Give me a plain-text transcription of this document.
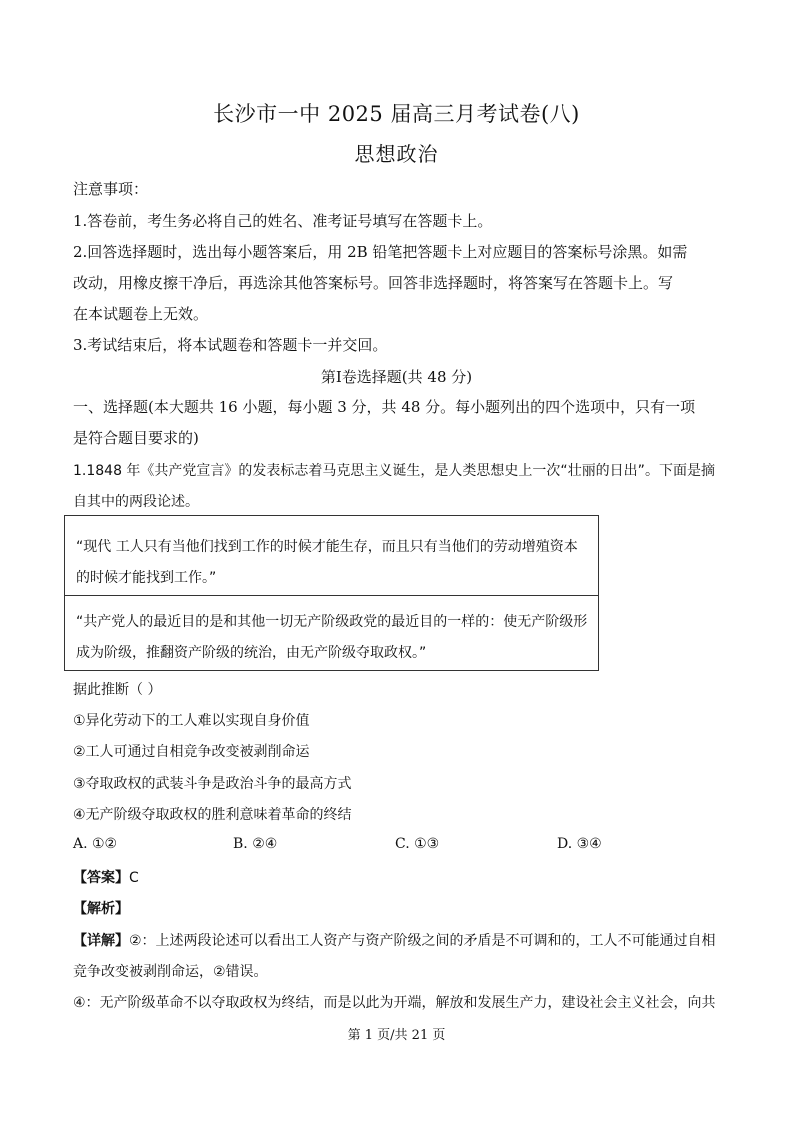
长沙市一中 2025 届高三月考试卷(八)
思想政治
注意事项：
1.答卷前，考生务必将自己的姓名、准考证号填写在答题卡上。
2.回答选择题时，选出每小题答案后，用 2B 铅笔把答题卡上对应题目的答案标号涂黑。如需
改动，用橡皮擦干净后，再选涂其他答案标号。回答非选择题时，将答案写在答题卡上。写
在本试题卷上无效。
3.考试结束后，将本试题卷和答题卡一并交回。
第Ⅰ卷选择题(共 48 分)
一、选择题(本大题共 16 小题，每小题 3 分，共 48 分。每小题列出的四个选项中，只有一项
是符合题目要求的)
1.1848 年《共产党宣言》的发表标志着马克思主义诞生，是人类思想史上一次“壮丽的日出”。下面是摘
自其中的两段论述。
“现代 工人只有当他们找到工作的时候才能生存，而且只有当他们的劳动增殖资本
的时候才能找到工作。”
“共产党人的最近目的是和其他一切无产阶级政党的最近目的一样的：使无产阶级形
成为阶级，推翻资产阶级的统治，由无产阶级夺取政权。”
据此推断（ ）
①异化劳动下的工人难以实现自身价值
②工人可通过自相竞争改变被剥削命运
③夺取政权的武装斗争是政治斗争的最高方式
④无产阶级夺取政权的胜利意味着革命的终结
A. ①②	B. ②④	C. ①③	D. ③④
【答案】C
【解析】
【详解】②：上述两段论述可以看出工人资产与资产阶级之间的矛盾是不可调和的，工人不可能通过自相
竞争改变被剥削命运，②错误。
④：无产阶级革命不以夺取政权为终结，而是以此为开端，解放和发展生产力，建设社会主义社会，向共
第 1 页/共 21 页
